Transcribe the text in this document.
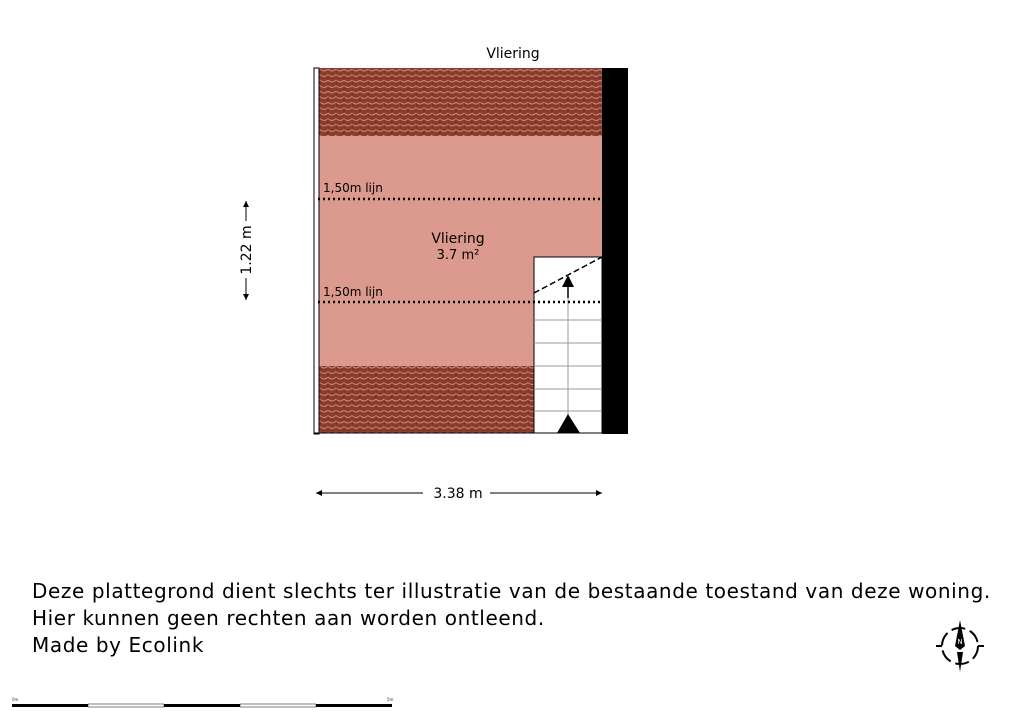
1,50m lijn
1,50m lijn
Vliering
3.7 m²
3.38 m
1.22 m
0m	5m
N
Vliering
Deze plattegrond dient slechts ter illustratie van de bestaande toestand van deze woning.
Hier kunnen geen rechten aan worden ontleend.
Made by Ecolink
